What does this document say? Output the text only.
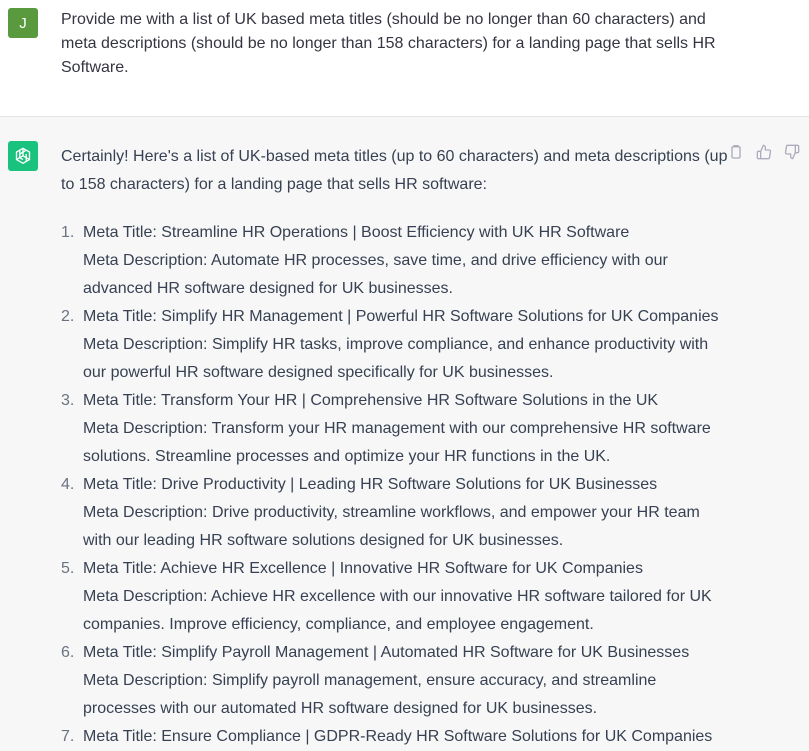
J Provide me with a list of UK based meta titles (should be no longer than 60 characters) and meta descriptions (should be no longer than 158 characters) for a landing page that sells HR Software.

Certainly! Here's a list of UK-based meta titles (up to 60 characters) and meta descriptions (up to 158 characters) for a landing page that sells HR software:

1. Meta Title: Streamline HR Operations | Boost Efficiency with UK HR Software
Meta Description: Automate HR processes, save time, and drive efficiency with our advanced HR software designed for UK businesses.
2. Meta Title: Simplify HR Management | Powerful HR Software Solutions for UK Companies
Meta Description: Simplify HR tasks, improve compliance, and enhance productivity with our powerful HR software designed specifically for UK businesses.
3. Meta Title: Transform Your HR | Comprehensive HR Software Solutions in the UK
Meta Description: Transform your HR management with our comprehensive HR software solutions. Streamline processes and optimize your HR functions in the UK.
4. Meta Title: Drive Productivity | Leading HR Software Solutions for UK Businesses
Meta Description: Drive productivity, streamline workflows, and empower your HR team with our leading HR software solutions designed for UK businesses.
5. Meta Title: Achieve HR Excellence | Innovative HR Software for UK Companies
Meta Description: Achieve HR excellence with our innovative HR software tailored for UK companies. Improve efficiency, compliance, and employee engagement.
6. Meta Title: Simplify Payroll Management | Automated HR Software for UK Businesses
Meta Description: Simplify payroll management, ensure accuracy, and streamline processes with our automated HR software designed for UK businesses.
7. Meta Title: Ensure Compliance | GDPR-Ready HR Software Solutions for UK Companies
